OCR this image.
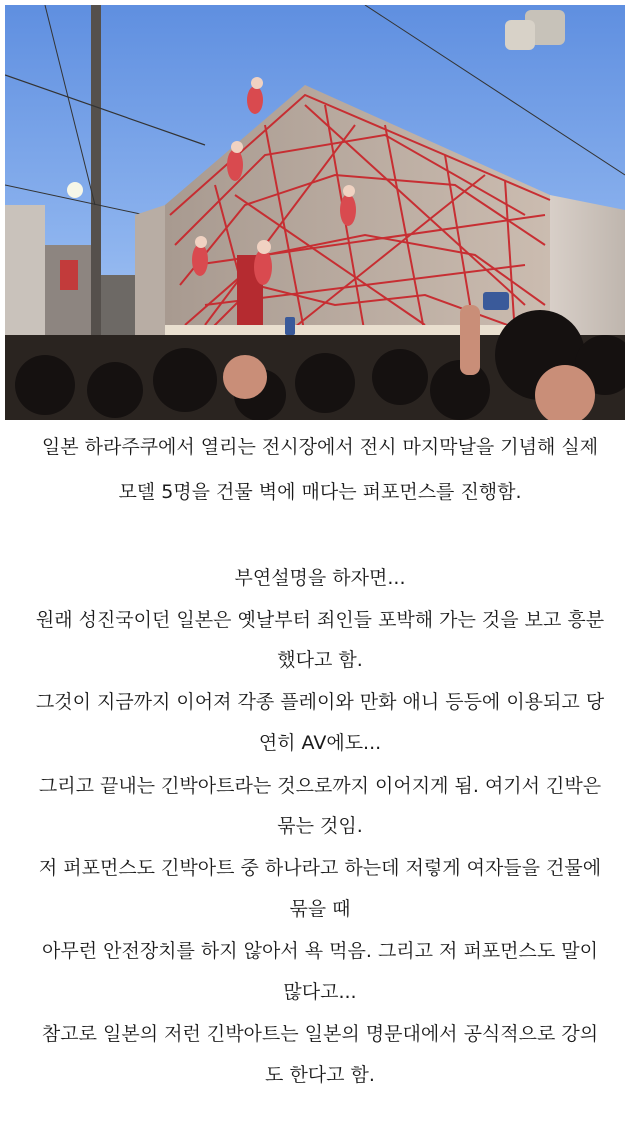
일본 하라주쿠에서 열리는 전시장에서 전시 마지막날을 기념해 실제
모델 5명을 건물 벽에 매다는 퍼포먼스를 진행함.
부연설명을 하자면...
원래 성진국이던 일본은 옛날부터 죄인들 포박해 가는 것을 보고 흥분
했다고 함.
그것이 지금까지 이어져 각종 플레이와 만화 애니 등등에 이용되고 당
연히 AV에도...
그리고 끝내는 긴박아트라는 것으로까지 이어지게 됨. 여기서 긴박은
묶는 것임.
저 퍼포먼스도 긴박아트 중 하나라고 하는데 저렇게 여자들을 건물에
묶을 때
아무런 안전장치를 하지 않아서 욕 먹음. 그리고 저 퍼포먼스도 말이
많다고...
참고로 일본의 저런 긴박아트는 일본의 명문대에서 공식적으로 강의
도 한다고 함.
